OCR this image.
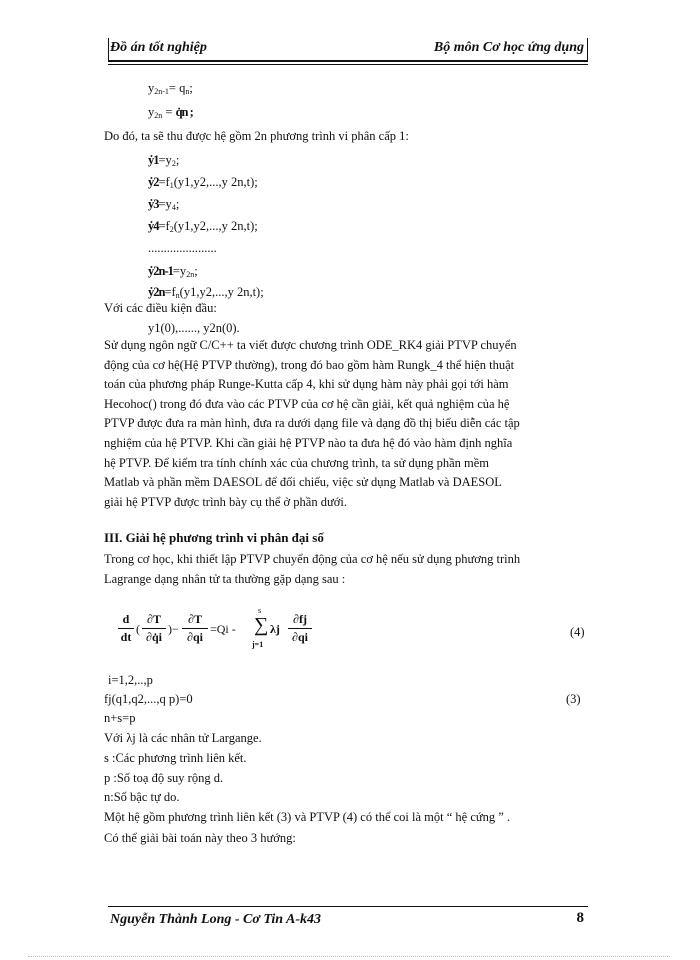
Đồ án tốt nghiệp	Bộ môn Cơ học ứng dụng
$y_{2n-1}= q_n$;
$y_{2n}$ = q̇n ;
Do đó, ta sẽ thu được hệ gồm 2n phương trình vi phân cấp 1:
$ẏ1=y_2$;
$ẏ2=f_1(y1,y2,...,y$ 2n,t);
$ẏ3=y_4$;
$ẏ4=f_2(y1,y2,...,y$ 2n,t);
......................
$ẏ2n-1=y_{2n}$;
$ẏ2n=f_n(y1,y2,...,y$ 2n,t);
Với các điều kiện đầu:
y1(0),......, y2n(0).
Sử dụng ngôn ngữ C/C++ ta viết được chương trình ODE_RK4 giải PTVP chuyển
động của cơ hệ(Hệ PTVP thường), trong đó bao gồm hàm Rungk_4 thể hiện thuật
toán của phương pháp Runge-Kutta cấp 4, khi sử dụng hàm này phải gọi tới hàm
Hecohoc() trong đó đưa vào các PTVP của cơ hệ cần giải, kết quả nghiệm của hệ
PTVP được đưa ra màn hình, đưa ra dưới dạng file và dạng đồ thị biểu diễn các tập
nghiệm của hệ PTVP. Khi cần giải hệ PTVP nào ta đưa hệ đó vào hàm định nghĩa
hệ PTVP. Để kiểm tra tính chính xác của chương trình, ta sử dụng phần mềm
Matlab và phần mềm DAESOL để đối chiếu, việc sử dụng Matlab và DAESOL
giải hệ PTVP được trình bày cụ thể ở phần dưới.
III. Giải hệ phương trình vi phân đại số
Trong cơ học, khi thiết lập PTVP chuyển động của cơ hệ nếu sử dụng phương trình
Lagrange dạng nhân tử ta thường gặp dạng sau :
d
dt
(
∂T
∂q̇i
)−
∂T
∂qi
=Qi -
s
∑
j=1
λj
∂fj
∂qi	(4)
i=1,2,..,p
fj(q1,q2,...,q p)=0	(3)
n+s=p
Với λj là các nhân tử Largange.
s :Các phương trình liên kết.
p :Số toạ độ suy rộng d.
n:Số bậc tự do.
Một hệ gồm phương trình liên kết (3) và PTVP (4) có thể coi là một “ hệ cứng ” .
Có thể giải bài toán này theo 3 hướng:
Nguyễn Thành Long - Cơ Tin A-k43	8
